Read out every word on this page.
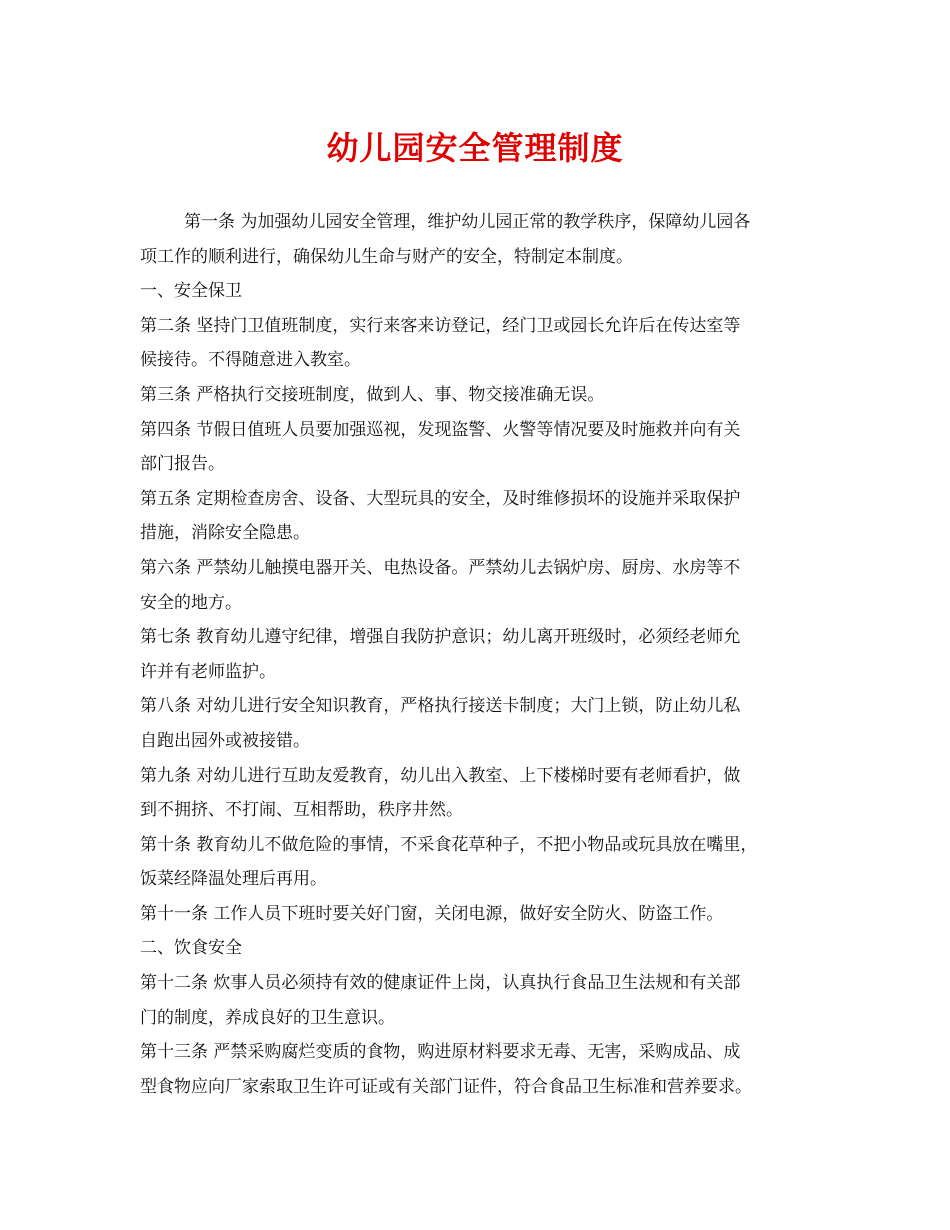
幼儿园安全管理制度

第一条 为加强幼儿园安全管理，维护幼儿园正常的教学秩序，保障幼儿园各

项工作的顺利进行，确保幼儿生命与财产的安全，特制定本制度。

一、安全保卫

第二条 坚持门卫值班制度，实行来客来访登记，经门卫或园长允许后在传达室等

候接待。不得随意进入教室。

第三条 严格执行交接班制度，做到人、事、物交接准确无误。

第四条 节假日值班人员要加强巡视，发现盗警、火警等情况要及时施救并向有关

部门报告。

第五条 定期检查房舍、设备、大型玩具的安全，及时维修损坏的设施并采取保护

措施，消除安全隐患。

第六条 严禁幼儿触摸电器开关、电热设备。严禁幼儿去锅炉房、厨房、水房等不

安全的地方。

第七条 教育幼儿遵守纪律，增强自我防护意识；幼儿离开班级时，必须经老师允

许并有老师监护。

第八条 对幼儿进行安全知识教育，严格执行接送卡制度；大门上锁，防止幼儿私

自跑出园外或被接错。

第九条 对幼儿进行互助友爱教育，幼儿出入教室、上下楼梯时要有老师看护，做

到不拥挤、不打闹、互相帮助，秩序井然。

第十条 教育幼儿不做危险的事情，不采食花草种子，不把小物品或玩具放在嘴里，

饭菜经降温处理后再用。

第十一条 工作人员下班时要关好门窗，关闭电源，做好安全防火、防盗工作。

二、饮食安全

第十二条 炊事人员必须持有效的健康证件上岗，认真执行食品卫生法规和有关部

门的制度，养成良好的卫生意识。

第十三条 严禁采购腐烂变质的食物，购进原材料要求无毒、无害，采购成品、成

型食物应向厂家索取卫生许可证或有关部门证件，符合食品卫生标准和营养要求。
